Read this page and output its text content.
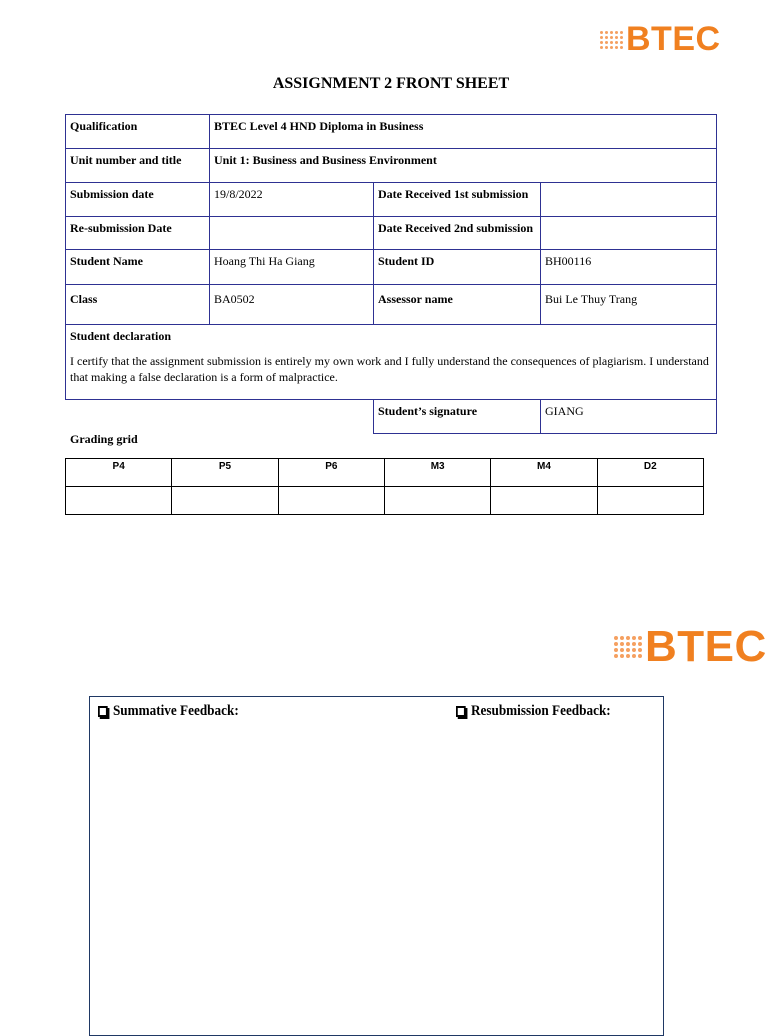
BTEC
ASSIGNMENT 2 FRONT SHEET
Qualification	BTEC Level 4 HND Diploma in Business		
Unit number and title	Unit 1: Business and Business Environment		
Submission date	19/8/2022	Date Received 1st submission	
Re-submission Date		Date Received 2nd submission	
Student Name	Hoang Thi Ha Giang	Student ID	BH00116
Class	BA0502	Assessor name	Bui Le Thuy Trang

Student declaration
I certify that the assignment submission is entirely my own work and I fully understand the consequences of plagiarism. I understand that making a false declaration is a form of malpractice.			
Student’s signature	GIANG
Grading grid
P4	P5	P6	M3	M4	D2

BTEC
Summative Feedback:	Resubmission Feedback:
